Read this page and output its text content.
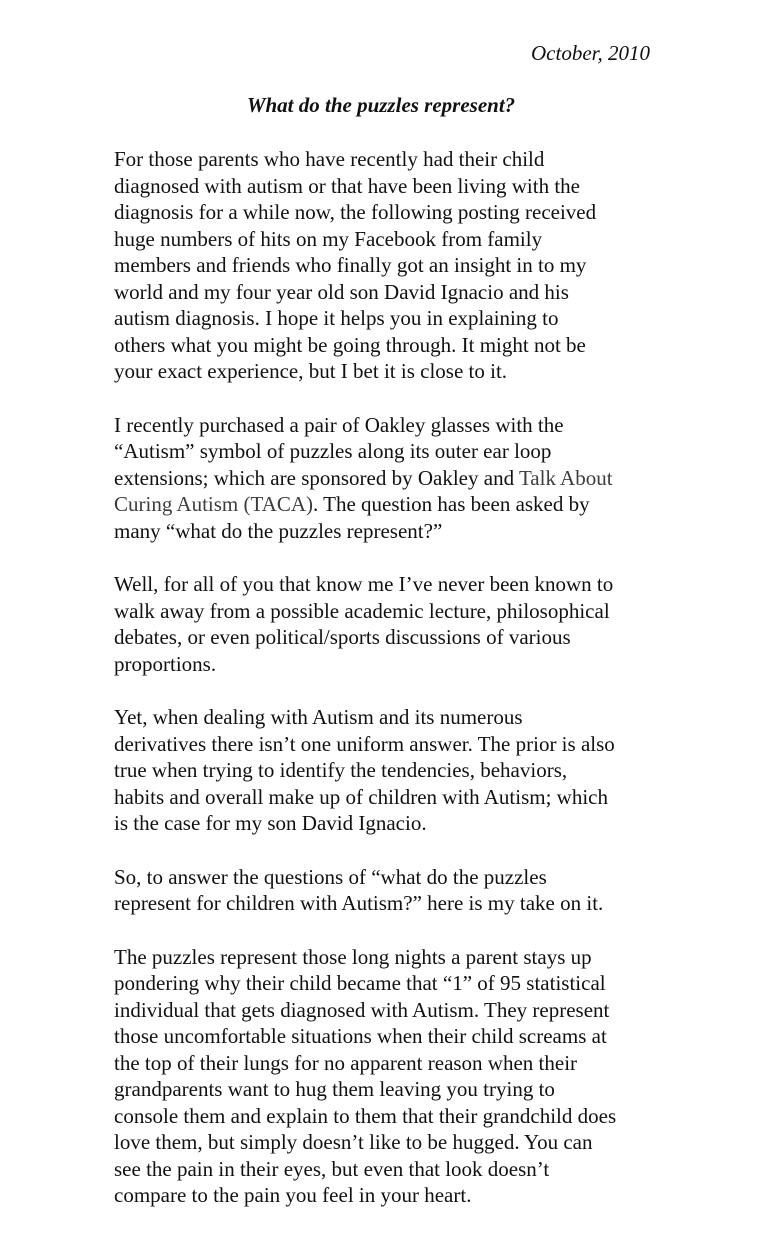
October, 2010
What do the puzzles represent?
For those parents who have recently had their child
diagnosed with autism or that have been living with the
diagnosis for a while now, the following posting received
huge numbers of hits on my Facebook from family
members and friends who finally got an insight in to my
world and my four year old son David Ignacio and his
autism diagnosis. I hope it helps you in explaining to
others what you might be going through. It might not be
your exact experience, but I bet it is close to it.
I recently purchased a pair of Oakley glasses with the
“Autism” symbol of puzzles along its outer ear loop
extensions; which are sponsored by Oakley and Talk About
Curing Autism (TACA). The question has been asked by
many “what do the puzzles represent?”
Well, for all of you that know me I’ve never been known to
walk away from a possible academic lecture, philosophical
debates, or even political/sports discussions of various
proportions.
Yet, when dealing with Autism and its numerous
derivatives there isn’t one uniform answer. The prior is also
true when trying to identify the tendencies, behaviors,
habits and overall make up of children with Autism; which
is the case for my son David Ignacio.
So, to answer the questions of “what do the puzzles
represent for children with Autism?” here is my take on it.
The puzzles represent those long nights a parent stays up
pondering why their child became that “1” of 95 statistical
individual that gets diagnosed with Autism. They represent
those uncomfortable situations when their child screams at
the top of their lungs for no apparent reason when their
grandparents want to hug them leaving you trying to
console them and explain to them that their grandchild does
love them, but simply doesn’t like to be hugged. You can
see the pain in their eyes, but even that look doesn’t
compare to the pain you feel in your heart.
